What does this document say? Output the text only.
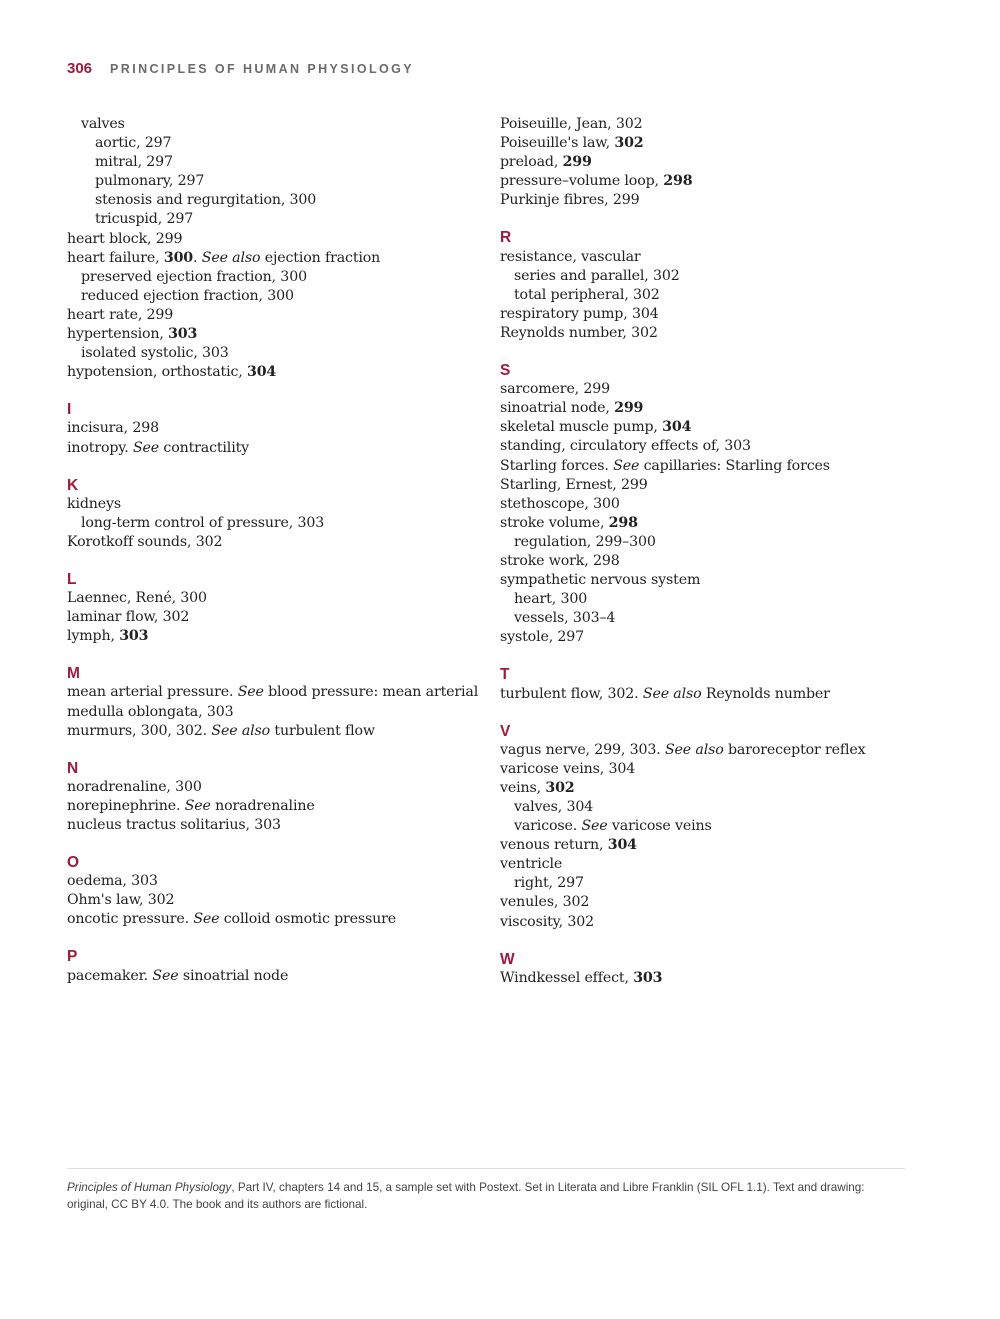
306 PRINCIPLES OF HUMAN PHYSIOLOGY
valves
aortic, 297
mitral, 297
pulmonary, 297
stenosis and regurgitation, 300
tricuspid, 297
heart block, 299
heart failure, 300. See also ejection fraction
preserved ejection fraction, 300
reduced ejection fraction, 300
heart rate, 299
hypertension, 303
isolated systolic, 303
hypotension, orthostatic, 304
I
incisura, 298
inotropy. See contractility
K
kidneys
long-term control of pressure, 303
Korotkoff sounds, 302
L
Laennec, René, 300
laminar flow, 302
lymph, 303
M
mean arterial pressure. See blood pressure: mean arterial
medulla oblongata, 303
murmurs, 300, 302. See also turbulent flow
N
noradrenaline, 300
norepinephrine. See noradrenaline
nucleus tractus solitarius, 303
O
oedema, 303
Ohm's law, 302
oncotic pressure. See colloid osmotic pressure
P
pacemaker. See sinoatrial node
Poiseuille, Jean, 302
Poiseuille's law, 302
preload, 299
pressure–volume loop, 298
Purkinje fibres, 299
R
resistance, vascular
series and parallel, 302
total peripheral, 302
respiratory pump, 304
Reynolds number, 302
S
sarcomere, 299
sinoatrial node, 299
skeletal muscle pump, 304
standing, circulatory effects of, 303
Starling forces. See capillaries: Starling forces
Starling, Ernest, 299
stethoscope, 300
stroke volume, 298
regulation, 299–300
stroke work, 298
sympathetic nervous system
heart, 300
vessels, 303–4
systole, 297
T
turbulent flow, 302. See also Reynolds number
V
vagus nerve, 299, 303. See also baroreceptor reflex
varicose veins, 304
veins, 302
valves, 304
varicose. See varicose veins
venous return, 304
ventricle
right, 297
venules, 302
viscosity, 302
W
Windkessel effect, 303
Principles of Human Physiology, Part IV, chapters 14 and 15, a sample set with Postext. Set in Literata and Libre Franklin (SIL OFL 1.1). Text and drawing: original, CC BY 4.0. The book and its authors are fictional.
